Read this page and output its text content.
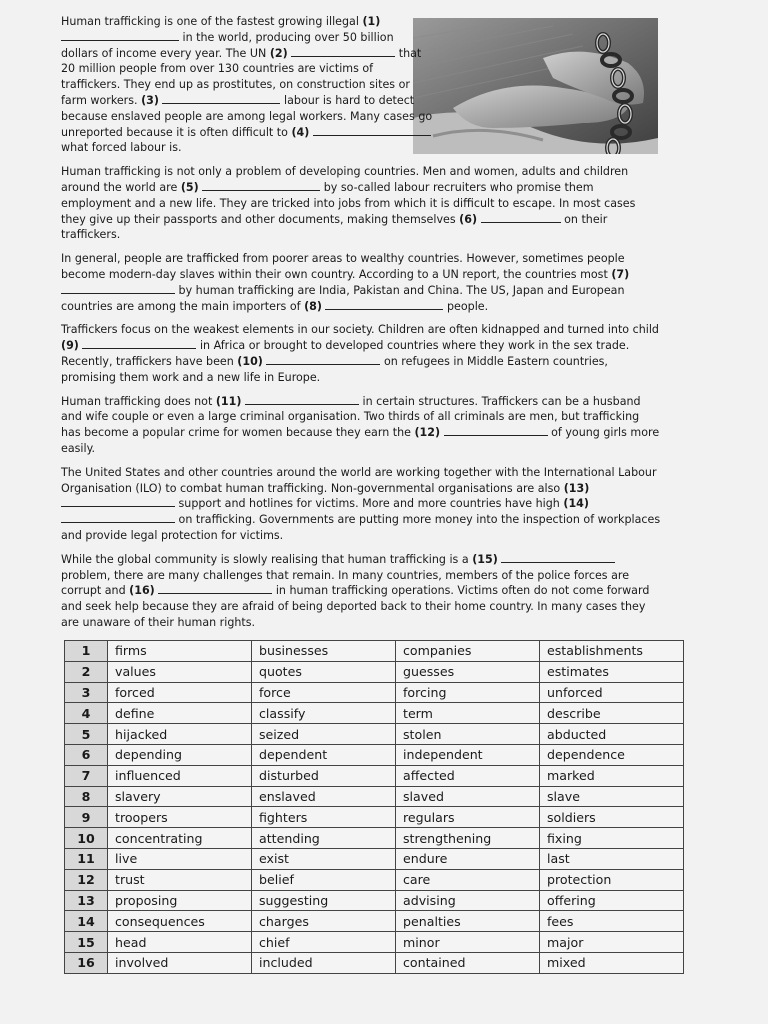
Human trafficking is one of the fastest growing illegal (1)  in the world, producing over 50 billion dollars of income every year. The UN (2)	that 20 million people from over 130 countries are victims of traffickers. They end up as prostitutes, on construction sites or farm workers. (3)	labour is hard to detect because enslaved people are among legal workers. Many cases go unreported because it is often difficult to (4)  what forced labour is.

Human trafficking is not only a problem of developing countries. Men and women, adults and children around the world are (5)	by so-called labour recruiters who promise them employment and a new life. They are tricked into jobs from which it is difficult to escape. In most cases they give up their passports and other documents, making themselves (6)	on their traffickers.

In general, people are trafficked from poorer areas to wealthy countries. However, sometimes people become modern-day slaves within their own country. According to a UN report, the countries most (7)  by human trafficking are India, Pakistan and China. The US, Japan and European countries are among the main importers of (8)	people.

Traffickers focus on the weakest elements in our society. Children are often kidnapped and turned into child (9)	in Africa or brought to developed countries where they work in the sex trade. Recently, traffickers have been (10)	on refugees in Middle Eastern countries, promising them work and a new life in Europe.

Human trafficking does not (11)	in certain structures. Traffickers can be a husband and wife couple or even a large criminal organisation. Two thirds of all criminals are men, but trafficking has become a popular crime for women because they earn the (12)	of young girls more easily.

The United States and other countries around the world are working together with the International Labour Organisation (ILO) to combat human trafficking. Non-governmental organisations are also (13)  support and hotlines for victims. More and more countries have high (14)  on trafficking. Governments are putting more money into the inspection of workplaces and provide legal protection for victims.

While the global community is slowly realising that human trafficking is a (15)  problem, there are many challenges that remain. In many countries, members of the police forces are corrupt and (16)	in human trafficking operations. Victims often do not come forward and seek help because they are afraid of being deported back to their home country. In many cases they are unaware of their human rights.

1	firms	businesses	companies	establishments
2	values	quotes	guesses	estimates
3	forced	force	forcing	unforced
4	define	classify	term	describe
5	hijacked	seized	stolen	abducted
6	depending	dependent	independent	dependence
7	influenced	disturbed	affected	marked
8	slavery	enslaved	slaved	slave
9	troopers	fighters	regulars	soldiers
10	concentrating	attending	strengthening	fixing
11	live	exist	endure	last
12	trust	belief	care	protection
13	proposing	suggesting	advising	offering
14	consequences	charges	penalties	fees
15	head	chief	minor	major
16	involved	included	contained	mixed
